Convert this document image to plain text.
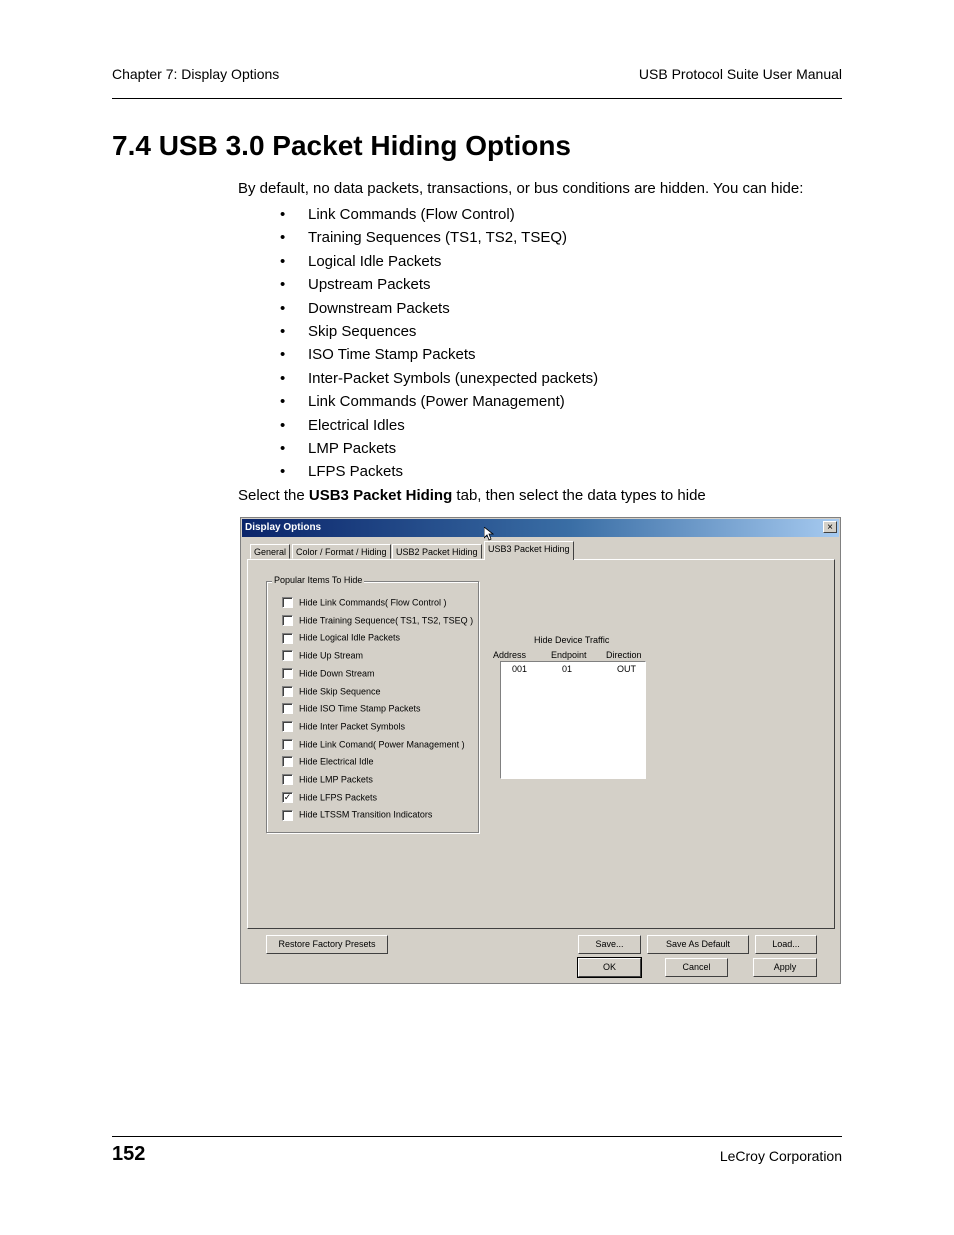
Chapter 7: Display Options	USB Protocol Suite User Manual
7.4 USB 3.0 Packet Hiding Options
By default, no data packets, transactions, or bus conditions are hidden. You can hide:
• Link Commands (Flow Control)
• Training Sequences (TS1, TS2, TSEQ)
• Logical Idle Packets
• Upstream Packets
• Downstream Packets
• Skip Sequences
• ISO Time Stamp Packets
• Inter-Packet Symbols (unexpected packets)
• Link Commands (Power Management)
• Electrical Idles
• LMP Packets
• LFPS Packets
Select the USB3 Packet Hiding tab, then select the data types to hide
Display Options	×
General	Color / Format / Hiding	USB2 Packet Hiding	USB3 Packet Hiding
Popular Items To Hide
Hide Link Commands( Flow Control )
Hide Training Sequence( TS1, TS2, TSEQ )
Hide Logical Idle Packets
Hide Up Stream
Hide Down Stream
Hide Skip Sequence
Hide ISO Time Stamp Packets
Hide Inter Packet Symbols
Hide Link Comand( Power Management )
Hide Electrical Idle
Hide LMP Packets
✓ Hide LFPS Packets
Hide LTSSM Transition Indicators
Hide Device Traffic
Address	Endpoint Direction
001	01	OUT
Restore Factory Presets	Save...	Save As Default	Load...
OK	Cancel	Apply
152	LeCroy Corporation
